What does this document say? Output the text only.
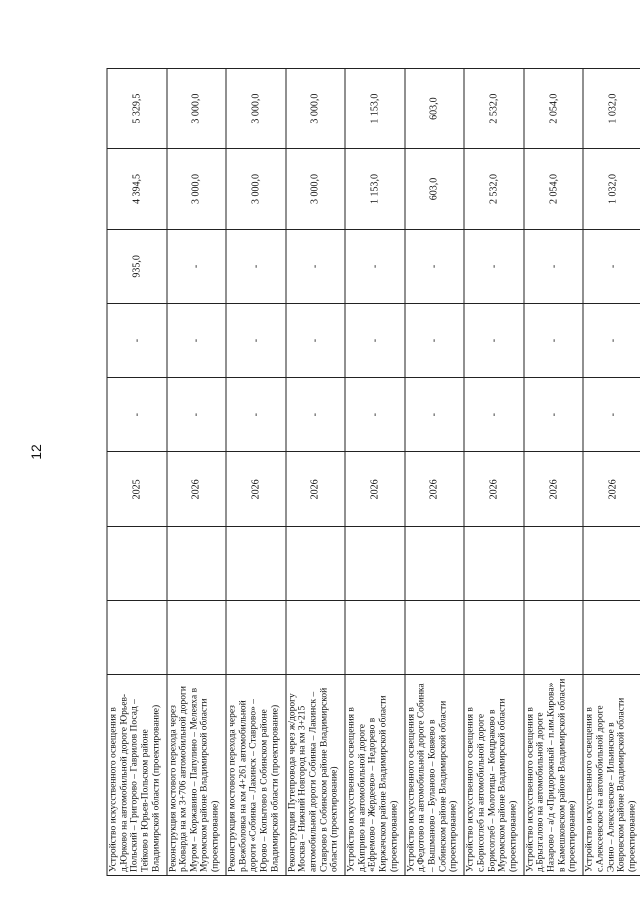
12
Устройство искусственного освещения в д.Юрково на автомобильной дороге Юрьев-Польский – Григорово – Гаврилов Посад – Тейково в Юрьев-Польском районе Владимирской области (проектирование)			2025	-	-	935,0	4 394,5	5 329,5
Реконструкция мостового перехода через р.Ковардa на км 3+706 автомобильной дороги Муром – Коржавино – Папулино – Мелеяхa в Муромском районе Владимирской области (проектирование)			2026	-	-	-	3 000,0	3 000,0
Реконструкция мостового перехода через р.Вежболовка на км 4+261 автомобильной дороги «Собинка – Лакинск – Ставрово» – Юрово – Копытово в Собинском районе Владимирской области (проектирование)			2026	-	-	-	3 000,0	3 000,0
Реконструкция Путепровода через ж/дорогу Москва – Нижний Новгород на км 3+215 автомобильной дороги Собинка – Лакинск – Ставрово в Собинском районе Владимирской области (проектирование)			2026	-	-	-	3 000,0	3 000,0
Устройство искусственного освещения в д.Киприво на автомобильной дороге «Ефремово – Жердеево» – Недорево в Киржачском районе Владимирской области (проектирование)			2026	-	-	-	1 153,0	1 153,0
Устройство искусственного освещения в д.Федотово на автомобильной дороге Собинка – Вышманово – Буланово – Ковяево в Собинском районе Владимирской области (проектирование)			2026	-	-	-	603,0	603,0
Устройство искусственного освещения в с.Борисоглеб на автомобильной дороге Борисоглеб – Молотицы – Кондраково в Муромском районе Владимирской области (проектирование)			2026	-	-	-	2 532,0	2 532,0
Устройство искусственного освещения в д.Брызгалово на автомобильной дороге Назарово – а/д «Придорожный – п.им.Кирова» в Камешковском районе Владимирской области (проектирование)			2026	-	-	-	2 054,0	2 054,0
Устройство искусственного освещения в с.Алексеевское на автомобильной дороге Эсино – Алексеевское – Ильинское в Ковровском районе Владимирской области (проектирование)			2026	-	-	-	1 032,0	1 032,0
